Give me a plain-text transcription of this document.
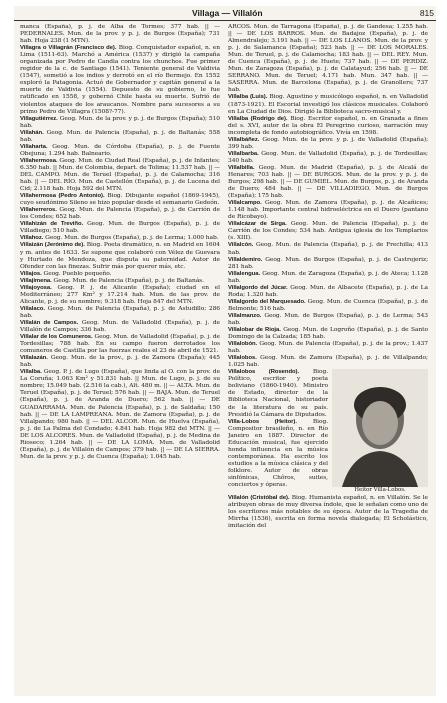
Villaga — Villalón	815

manca (España), p. j. de Alba de Tormes; 377 hab. || — PEDERNALES. Mun. de la prov. y p. j. de Burgos (España); 731 hab. Hoja 238 (1 MTN).

Villagra o Villagrán (Francisco de). Biog. Conquistador español, n. en Lima (1511-63). Marchó a América (1537) y dirigió la campaña organizada por Pedro de Candia contra los chunchos. Fue primer regidor de la c. de Santiago (1541). Teniente general de Valdivia (1547), sometió a los indios y derrotó en el río Bermejo. En 1552 exploró la Patagonia. Actuó de Gobernador y capitán general a la muerte de Valdivia (1554). Depuesto de su gobierno, le fue ratificado en 1558, y gobernó Chile hasta su muerte. Sufrió de violentos ataques de los araucanos. Nombre para sucesores a su primo Pedro de Villagra (1508?-77).

Villagutiérrez. Geog. Mun. de la prov. y p. j. de Burgos (España); 510 hab.

Villahán. Geog. Mun. de Palencia (España), p. j. de Baltanás; 558 hab.

Villaharta. Geog. Mun. de Córdoba (España), p. j. de Fuente Obejuna; 1.294 hab. Balneario.

Villahermosa. Geog. Mun. de Ciudad Real (España), p. j. de Infantes; 6.350 hab. || Mun. de Colombia, depart. de Tolima; 11.537 hab. || — DEL CAMPO. Mun. de Teruel (España), p. j. de Calamocha; 316 hab. || — DEL RÍO. Mun. de Castellón (España), p. j. de Lucena del Cid; 2.118 hab. Hoja 592 del MTN.

Villahermosa (Pedro Antonio). Biog. Dibujante español (1869-1945), cuyo seudónimo Sileno se hizo popular desde el semanario Gedeón.

Villaherreros. Geog. Mun. de Palencia (España), p. j. de Carrión de los Condes; 652 hab.

Villahizán de Treviño. Geog. Mun. de Burgos (España), p. j. de Villadiego; 510 hab.

Villahoz. Geog. Mun. de Burgos (España), p. j. de Lerma; 1.000 hab.

Villaizán (Jerónimo de). Biog. Poeta dramático, n. en Madrid en 1604 y m. antes de 1633. Se supone que colaboró con Vélez de Guevara y Hurtado de Mendoza, que disputa su paternidad. Autor de Ofender con las finezas. Sufrir más por querer más, etc.

Villajos. Geog. Pueblo pequeño.

Villajimena. Geog. Mun. de Palencia (España), p. j. de Baltanás.

Villajoyosa. Geog. P. j. de Alicante (España); ciudad en el Mediterráneo; 277 Km² y 17.214 hab. Mun. de las prov. de Alicante, p. j. de su nombre; 9.318 hab. Hoja 847 del MTN.

Villalaco. Geog. Mun. de Palencia (España), p. j. de Astudillo; 286 hab.

Villalán de Campos. Geog. Mun. de Valladolid (España), p. j. de Villalón de Campos; 336 hab.

Villalar de los Comuneros. Geog. Mun. de Valladolid (España), p. j. de Tordesillas; 788 hab. En su campo fueron derrotados los comuneros de Castilla por las fuerzas reales el 23 de abril de 1521.

Villalazán. Geog. Mun. de la prov., p. j. de Zamora (España); 445 hab.

Villalba. Geog. P. j. de Lugo (España), que linda al O. con la prov. de La Coruña; 1.063 Km² y 51.831 hab. || Mun. de Lugo, p. j. de su nombre; 15.049 hab. (2.516 la cab.), Alt. 480 m. || — ALTA. Mun. de Teruel (España), p. j. de Teruel; 576 hab. || — BAJA. Mun. de Teruel (España), p. j. de Aranda de Duero; 562 hab. || — DE GUADARRAMA. Mun. de Palencia (España), p. j. de Saldaña; 150 hab. || — DE LA LAMPREANA. Mun. de Zamora (España), p. j. de Villalpando; 980 hab. || — DEL ALCOR. Mun. de Huelva (España), p. j. de La Palma del Condado; 4.841 hab. Hoja 982 del MTN. || — DE LOS ALCORES. Mun. de Valladolid (España), p. j. de Medina de Rioseco; 1.264 hab. || — DE LA LOMA. Mun. de Valladolid (España), p. j. de Villalón de Campos; 379 hab. || — DE LA SIERRA. Mun. de la prov. y p. j. de Cuenca (España); 1.045 hab.

ARCOS. Mun. de Tarragona (España), p. j. de Gandesa; 1.255 hab. || — DE LOS BARROS. Mun. de Badajoz (España), p. j. de Almendralejo; 3.191 hab. || — DE LOS LLANOS. Mun. de la prov. y p. j. de Salamanca (España); 523 hab. || — DE LOS MORALES. Mun. de Teruel, p. j. de Calamocha; 183 hab. || — DEL REY. Mun. de Cuenca (España), p. j. de Huete; 737 hab. || — DE PERDIZ. Mun. de Zaragoza (España), p. j. de Calatayud; 256 hab. || — DE SERRANO. Mun. de Teruel; 4.171 hab. Mun. 347 hab. || — SASERRA. Mun. de Barcelona (España), p. j. de Granollers; 737 hab.

Villalba (Luis). Biog. Agustino y musicólogo español, n. en Valladolid (1873-1921). El Escorial investigó los clásicos musicales. Colaboró en La Ciudad de Dios. Dirigió la Biblioteca sacro-musical y.

Villalba (Rodrigo de). Biog. Escritor español, n. en Granada a fines del s. XVI, autor de la obra El Peregrino curioso, narración muy incompleta de fondo autobiográfico. Vivía en 1598.

Villalbáñez. Geog. Mun. de la prov. y p. j. de Valladolid (España); 399 hab.

Villalbarba. Geog. Mun. de Valladolid (España), p. j. de Tordesillas; 340 hab.

Villalbilla. Geog. Mun. de Madrid (España), p. j. de Alcalá de Henares; 703 hab. || — DE BURGOS. Mun. de la prov. y p. j. de Burgos; 298 hab. || — DE GUMIEL. Mun. de Burgos, p. j. de Aranda de Duero; 484 hab. || — DE VILLADIEGO. Mun. de Burgos (España); 175 hab.

Villalcampo. Geog. Mun. de Zamora (España), p. j. de Alcañices; 1.148 hab. Importante central hidroeléctrica en el Duero (pantano de Ricobayo).

Villalcázar de Sirga. Geog. Mun. de Palencia (España), p. j. de Carrión de los Condes; 534 hab. Antigua iglesia de los Templarios (s. XIII).

Villalcón. Geog. Mun. de Palencia (España), p. j. de Frechilla; 413 hab.

Villaldemiro. Geog. Mun. de Burgos (España), p. j. de Castrojeriz; 281 hab.

Villalengua. Geog. Mun. de Zaragoza (España), p. j. de Ateca; 1.128 hab.

Villalgordo del Júcar. Geog. Mun. de Albacete (España), p. j. de La Roda; 1.320 hab.

Villalgordo del Marquesado. Geog. Mun. de Cuenca (España), p. j. de Belmonte; 516 hab.

Villalmanzo. Geog. Mun. de Burgos (España), p. j. de Lerma; 543 hab.

Villalobar de Rioja. Geog. Mun. de Logroño (España), p. j. de Santo Domingo de la Calzada; 185 hab.

Villalobón. Geog. Mun. de Palencia (España), p. j. de la prov.; 1.437 hab.

Villalobos. Geog. Mun. de Zamora (España), p. j. de Villalpando; 1.025 hab.

Villalobos (Rosendo). Biog. Político, escritor y poeta boliviano (1860-1940). Ministro de Estado, director de la Biblioteca Nacional, historiador de la literatura de su país. Presidió la Cámara de Diputados.

Villa-Lobos (Heitor).	Biog. Compositor brasileño, n. en Río Janeiro en 1887. Director de Educación musical, fue ejercido honda influencia en la música contemporánea. Ha escrito los estudios a la música clásica y del folklore. Autor de obras sinfónicas, Chôros, suites, conciertos y óperas.

Heitor Villa-Lobos.

Villalón (Cristóbal de). Biog. Humanista español, n. en Villalón. Se le atribuyen obras de muy diversa índole, que le señalan como uno de los escritores más notables de su época. Autor de la Tragedia de Mirrha (1536), escrita en forma novela dialogada; El Scholástico, imitación del
